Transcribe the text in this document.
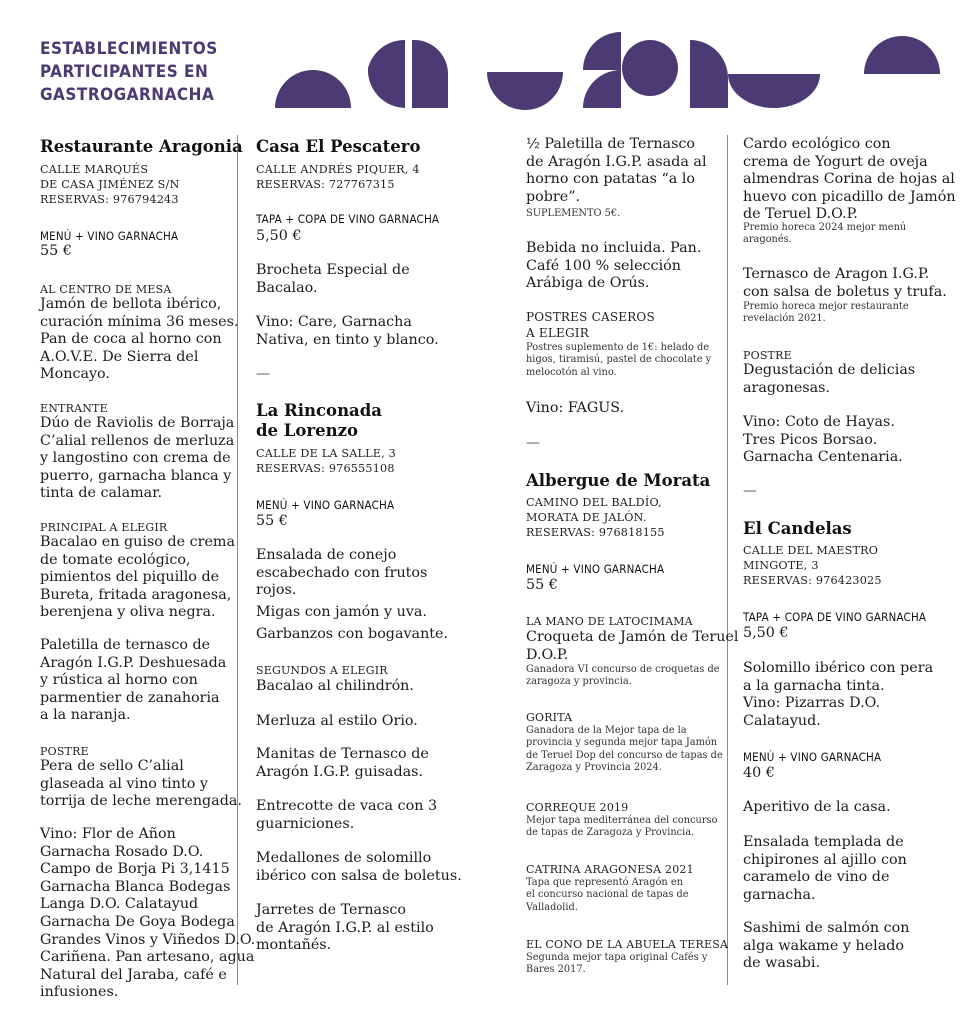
ESTABLECIMIENTOS
PARTICIPANTES EN
GASTROGARNACHA
Restaurante Aragonia
CALLE MARQUÉS
DE CASA JIMÉNEZ S/N
RESERVAS: 976794243
MENÚ + VINO GARNACHA
55 €
AL CENTRO DE MESA
Jamón de bellota ibérico,
curación mínima 36 meses.
Pan de coca al horno con
A.O.V.E. De Sierra del
Moncayo.
ENTRANTE
Dúo de Raviolis de Borraja
C’alial rellenos de merluza
y langostino con crema de
puerro, garnacha blanca y
tinta de calamar.
PRINCIPAL A ELEGIR
Bacalao en guiso de crema
de tomate ecológico,
pimientos del piquillo de
Bureta, fritada aragonesa,
berenjena y oliva negra.
Paletilla de ternasco de
Aragón I.G.P. Deshuesada
y rústica al horno con
parmentier de zanahoria
a la naranja.
POSTRE
Pera de sello C’alial
glaseada al vino tinto y
torrija de leche merengada.
Vino: Flor de Añon
Garnacha Rosado D.O.
Campo de Borja Pi 3,1415
Garnacha Blanca Bodegas
Langa D.O. Calatayud
Garnacha De Goya Bodega
Grandes Vinos y Viñedos D.O.
Cariñena. Pan artesano, agua
Natural del Jaraba, café e
infusiones.
Casa El Pescatero
CALLE ANDRÉS PIQUER, 4
RESERVAS: 727767315
TAPA + COPA DE VINO GARNACHA
5,50 €
Brocheta Especial de
Bacalao.
Vino: Care, Garnacha
Nativa, en tinto y blanco.
—
La Rinconada
de Lorenzo
CALLE DE LA SALLE, 3
RESERVAS: 976555108
MENÚ + VINO GARNACHA
55 €
Ensalada de conejo
escabechado con frutos
rojos.
Migas con jamón y uva.
Garbanzos con bogavante.
SEGUNDOS A ELEGIR
Bacalao al chilindrón.
Merluza al estilo Orio.
Manitas de Ternasco de
Aragón I.G.P. guisadas.
Entrecotte de vaca con 3
guarniciones.
Medallones de solomillo
ibérico con salsa de boletus.
Jarretes de Ternasco
de Aragón I.G.P. al estilo
montañés.
½ Paletilla de Ternasco
de Aragón I.G.P. asada al
horno con patatas “a lo
pobre”.
SUPLEMENTO 5€.
Bebida no incluida. Pan.
Café 100 % selección
Arábiga de Orús.
POSTRES CASEROS
A ELEGIR
Postres suplemento de 1€: helado de
higos, tiramisú, pastel de chocolate y
melocotón al vino.
Vino: FAGUS.
—
Albergue de Morata
CAMINO DEL BALDÍO,
MORATA DE JALÓN.
RESERVAS: 976818155
MENÚ + VINO GARNACHA
55 €
LA MANO DE LATOCIMAMA
Croqueta de Jamón de Teruel
D.O.P.
Ganadora VI concurso de croquetas de
zaragoza y provincia.
GORITA
Ganadora de la Mejor tapa de la
provincia y segunda mejor tapa Jamón
de Teruel Dop del concurso de tapas de
Zaragoza y Provincia 2024.
CORREQUE 2019
Mejor tapa mediterránea del concurso
de tapas de Zaragoza y Provincia.
CATRINA ARAGONESA 2021
Tapa que representó Aragón en
el concurso nacional de tapas de
Valladolid.
EL CONO DE LA ABUELA TERESA
Segunda mejor tapa original Cafés y
Bares 2017.
Cardo ecológico con
crema de Yogurt de oveja
almendras Corina de hojas al
huevo con picadillo de Jamón
de Teruel D.O.P.
Premio horeca 2024 mejor menú
aragonés.
Ternasco de Aragon I.G.P.
con salsa de boletus y trufa.
Premio horeca mejor restaurante
revelación 2021.
POSTRE
Degustación de delicias
aragonesas.
Vino: Coto de Hayas.
Tres Picos Borsao.
Garnacha Centenaria.
—
El Candelas
CALLE DEL MAESTRO
MINGOTE, 3
RESERVAS: 976423025
TAPA + COPA DE VINO GARNACHA
5,50 €
Solomillo ibérico con pera
a la garnacha tinta.
Vino: Pizarras D.O.
Calatayud.
MENÚ + VINO GARNACHA
40 €
Aperitivo de la casa.
Ensalada templada de
chipirones al ajillo con
caramelo de vino de
garnacha.
Sashimi de salmón con
alga wakame y helado
de wasabi.
